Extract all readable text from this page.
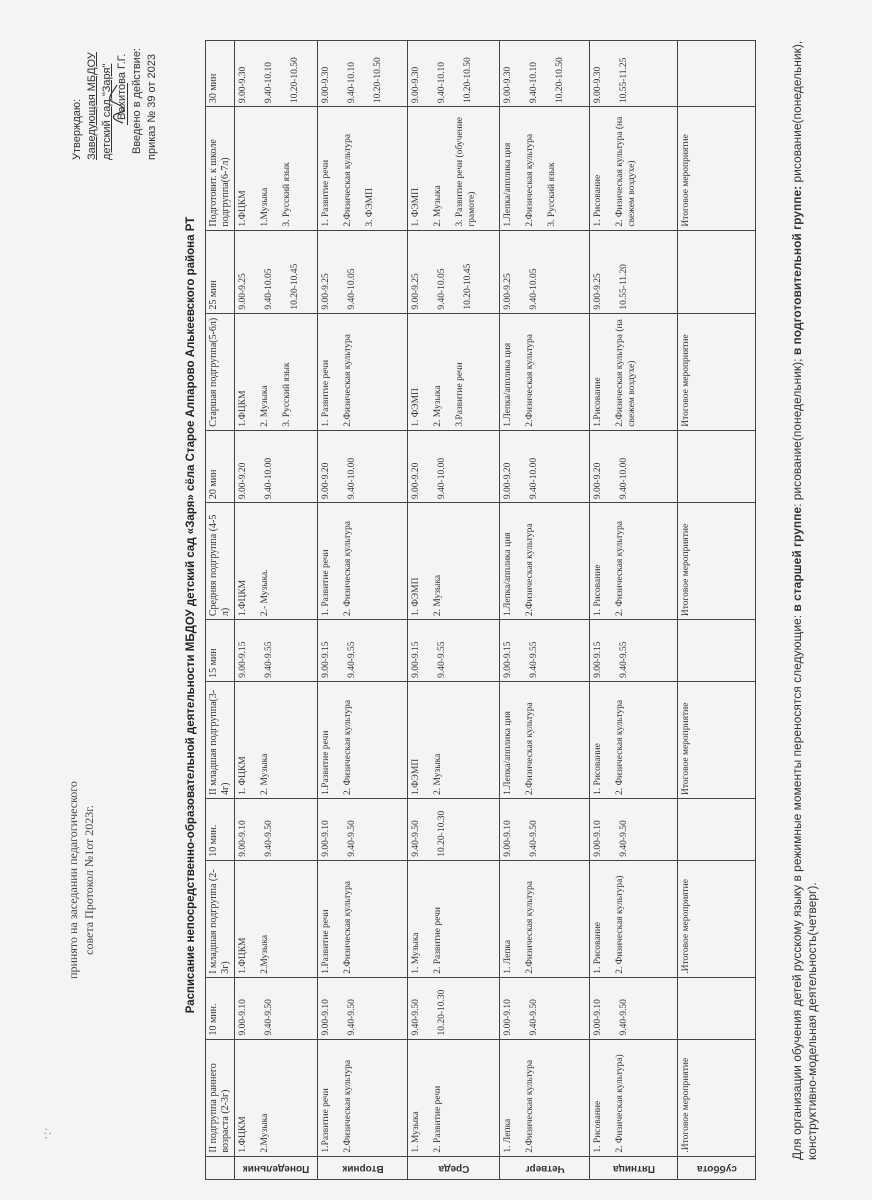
·:·
принято на заседании педагогического совета Протокол №1от 2023г.
Утверждаю: Заведующая МБДОУ детский сад "Заря" Вахитова Г.Г. Введено в действие: приказ № 39 от 2023
Расписание непосредственно-образовательной деятельности МБДОУ детский сад «Заря» сёла Старое Алпарово Алькеевского района РТ
	II подгруппа раннего возраста (2-3г)	10 мин.	I младшая подгруппа (2-3г)	10 мин.	II младшая подгруппа(3-4г)	15 мин	Средняя подгруппа (4-5 л)	20 мин	Старшая подгруппа(5-6л)	25 мин	Подготовит. к школе подгруппа(6-7л)	30 мин

Понедельник	1.ФЦКМ 2.Музыка	9.00-9.10 9.40-9.50	1.ФЦКМ 2.Музыка	9.00-9.10 9.40-9.50	1. ФЦКМ 2. Музыка	9.00-9.15 9.40-9.55	1.ФЦКМ 2.- Музыка.	9.00-9.20 9.40-10.00	1.ФЦКМ 2. Музыка 3. Русский язык	9.00-9.25 9.40-10.05 10.20-10.45	1.ФЦКМ 1.Музыка 3. Русский язык	9.00-9.30 9.40-10.10 10.20-10.50

Вторник	1.Развитие речи 2.Физическая культура	9.00-9.10 9.40-9.50	1.Развитие речи 2.Физическая культура	9.00-9.10 9.40-9.50	1.Развитие речи 2. Физическая культура	9.00-9.15 9.40-9.55	1. Развитие речи 2. Физическая культура	9.00-9.20 9.40-10.00	1. Развитие речи 2.Физическая культура	9.00-9.25 9.40-10.05	1. Развитие речи 2.Физическая культура 3. ФЭМП	9.00-9.30 9.40-10.10 10.20-10.50

Среда	1. Музыка 2. Развитие речи	9.40-9.50 10.20-10.30	1. Музыка 2. Развитие речи	9.40-9.50 10.20-10.30	1.ФЭМП 2. Музыка	9.00-9.15 9.40-9.55	1. ФЭМП 2. Музыка	9.00-9.20 9.40-10.00	1. ФЭМП 2. Музыка 3.Развитие речи	9.00-9.25 9.40-10.05 10.20-10.45	1. ФЭМП 2. Музыка 3. Развитие речи (обучение грамоте)	9.00-9.30 9.40-10.10 10.20-10.50

Четверг	1. Лепка 2.Физическая культура	9.00-9.10 9.40-9.50	1. Лепка 2.Физическая культура	9.00-9.10 9.40-9.50	1.Лепка/апплика ция 2.Физическая культура	9.00-9.15 9.40-9.55	1.Лепка/апплика ция 2.Физическая культура	9.00-9.20 9.40-10.00	1.Лепка/апплика ция 2.Физическая культура	9.00-9.25 9.40-10.05	1.Лепка/апплика ция 2.Физическая культура 3. Русский язык	9.00-9.30 9.40-10.10 10.20-10.50

Пятница	1. Рисование 2. Физическая культура)	9.00-9.10 9.40-9.50	1. Рисование 2. Физическая культура)	9.00-9.10 9.40-9.50	1. Рисование 2. Физическая культура	9.00-9.15 9.40-9.55	1. Рисование 2. Физическая культура	9.00-9.20 9.40-10.00	1.Рисование 2.Физическая культура (на свежем воздухе)	9.00-9.25 10.55-11.20	1. Рисование 2. Физическая культура (на свежем воздухе)	9.00-9.30 10.55-11.25

суббота	.Итоговое мероприятие		.Итоговое мероприятие		Итоговое мероприятие		Итоговое мероприятие		Итоговое мероприятие		Итоговое мероприятие	

Для организации обучения детей русскому языку в режимные моменты переносятся следующие: в старшей группе: рисование(понедельник); в подготовительной группе: рисование(понедельник), конструктивно-модельная деятельность(четверг).
